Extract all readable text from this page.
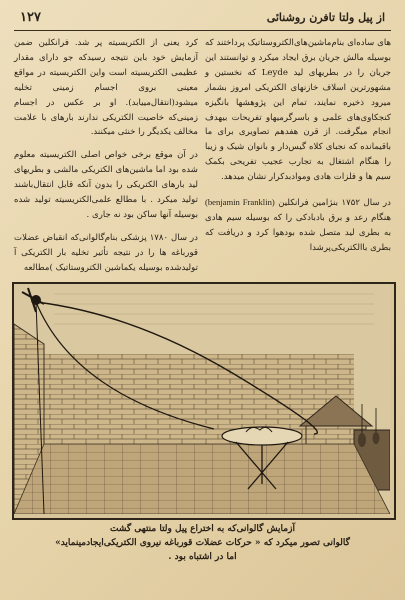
از پیل ولتا تافرن روشنائی
۱۲۷

های ساده‌ای بنام‌ماشین‌های‌الکتروستاتیک پرداختند که بوسیله مالش جریان برق ایجاد میکرد و توانستند این جریان را در بطریهای لید Leyde که نخستین و مشهورترین اسلاف خازنهای الکتریکی امروز بشمار میرود ذخیره نمایند، تمام این پژوهشها بانگیزه کنجکاوی‌های علمی و باسرگرمیهاو تفریحات بیهدف انجام میگرفت. از قرن هفدهم تصاویری برای ما باقیمانده که نجبای کلاه گیس‌دار و بانوان شیک و زیبا را هنگام اشتغال به تجارب عجیب تفریحی بکمک سیم ها و فلزات هادی وموادبدکرار نشان میدهد.

در سال ۱۷۵۲ بنژامین فرانکلین (benjamin Franklin) هنگام رعد و برق بادبادکی را که بوسیله سیم هادی به بطری لید متصل شده بودهوا کرد و دریافت که بطری باالکتریکی‌پرشدا

کرد یعنی از الکتریسیته پر شد. فرانکلین ضمن آزمایش خود باین نتیجه رسیدکه جو دارای مقدار عظیمی الکتریسیته است واین الکتریسیته در مواقع معینی بروی اجسام زمینی تخلیه میشود(انتقال‌مییابد). او بر عکس در اجسام زمینی‌که خاصیت الکتریکی ندارند بارهای با علامت مخالف یکدیگر را خنثی میکنند.

در آن موقع برخی خواص اصلی الکتریسیته معلوم شده بود اما ماشین‌های الکتریکی مالشی و بطریهای لید بارهای الکتریکی را بدون آنکه قابل انتقال‌باشند تولید میکرد . با مطالع علمی‌الکتریسیته تولید شده بوسیله آنها ساکن بود نه جاری .

در سال ۱۷۸۰ پزشکی بنام‌گالوانی‌که انقباض عضلات قورباغه ها را در نتیجه تأثیر تخلیه بار الکتریکی آ تولیدشده بوسیله یکماشین الکتروستاتیک )مطالعه

آزمایش گالوانی‌که به اختراع پیل ولتا منتهی گشت

گالوانی تصور میکرد که « حرکات عضلات قورباغه نیروی الکتریکی‌ایجادمینماید»

اما در اشتباه بود .
